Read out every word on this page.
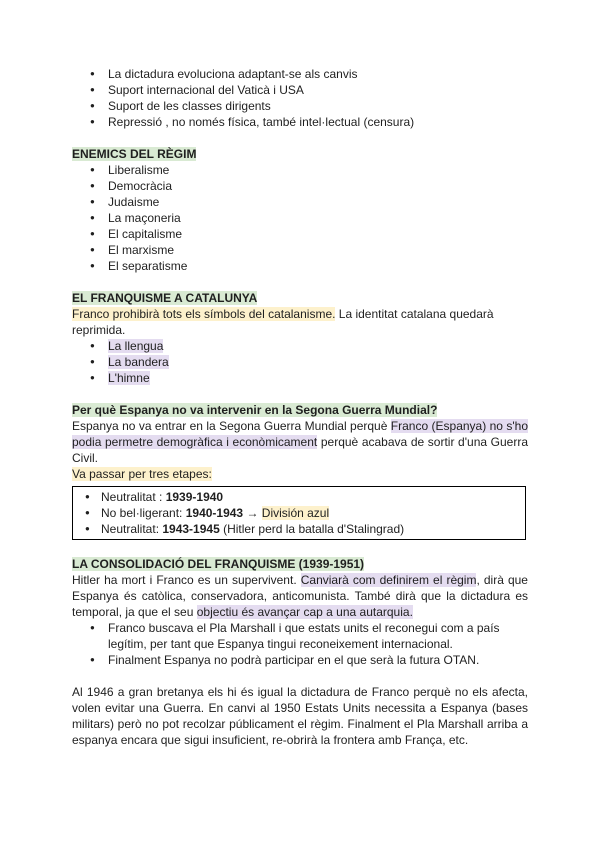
● La dictadura evoluciona adaptant-se als canvis
● Suport internacional del Vaticà i USA
● Suport de les classes dirigents
● Repressió , no només física, també intel·lectual (censura)
ENEMICS DEL RÈGIM
● Liberalisme
● Democràcia
● Judaisme
● La maçoneria
● El capitalisme
● El marxisme
● El separatisme
EL FRANQUISME A CATALUNYA

Franco prohibirà tots els símbols del catalanisme. La identitat catalana quedarà reprimida.

● La llengua
● La bandera
● L'himne
Per què Espanya no va intervenir en la Segona Guerra Mundial?

Espanya no va entrar en la Segona Guerra Mundial perquè Franco (Espanya) no s'ho podia permetre demogràfica i econòmicament perquè acabava de sortir d'una Guerra Civil.

Va passar per tres etapes:

● Neutralitat : 1939-1940
● No bel·ligerant: 1940-1943 → División azul
● Neutralitat: 1943-1945 (Hitler perd la batalla d'Stalingrad)
LA CONSOLIDACIÓ DEL FRANQUISME (1939-1951)

Hitler ha mort i Franco es un supervivent. Canviarà com definirem el règim, dirà que Espanya és catòlica, conservadora, anticomunista. També dirà que la dictadura es temporal, ja que el seu objectiu és avançar cap a una autarquia.

● Franco buscava el Pla Marshall i que estats units el reconegui com a país legítim, per tant que Espanya tingui reconeixement internacional.
● Finalment Espanya no podrà participar en el que serà la futura OTAN.

Al 1946 a gran bretanya els hi és igual la dictadura de Franco perquè no els afecta, volen evitar una Guerra. En canvi al 1950 Estats Units necessita a Espanya (bases militars) però no pot recolzar públicament el règim. Finalment el Pla Marshall arriba a espanya encara que sigui insuficient, re-obrirà la frontera amb França, etc.
